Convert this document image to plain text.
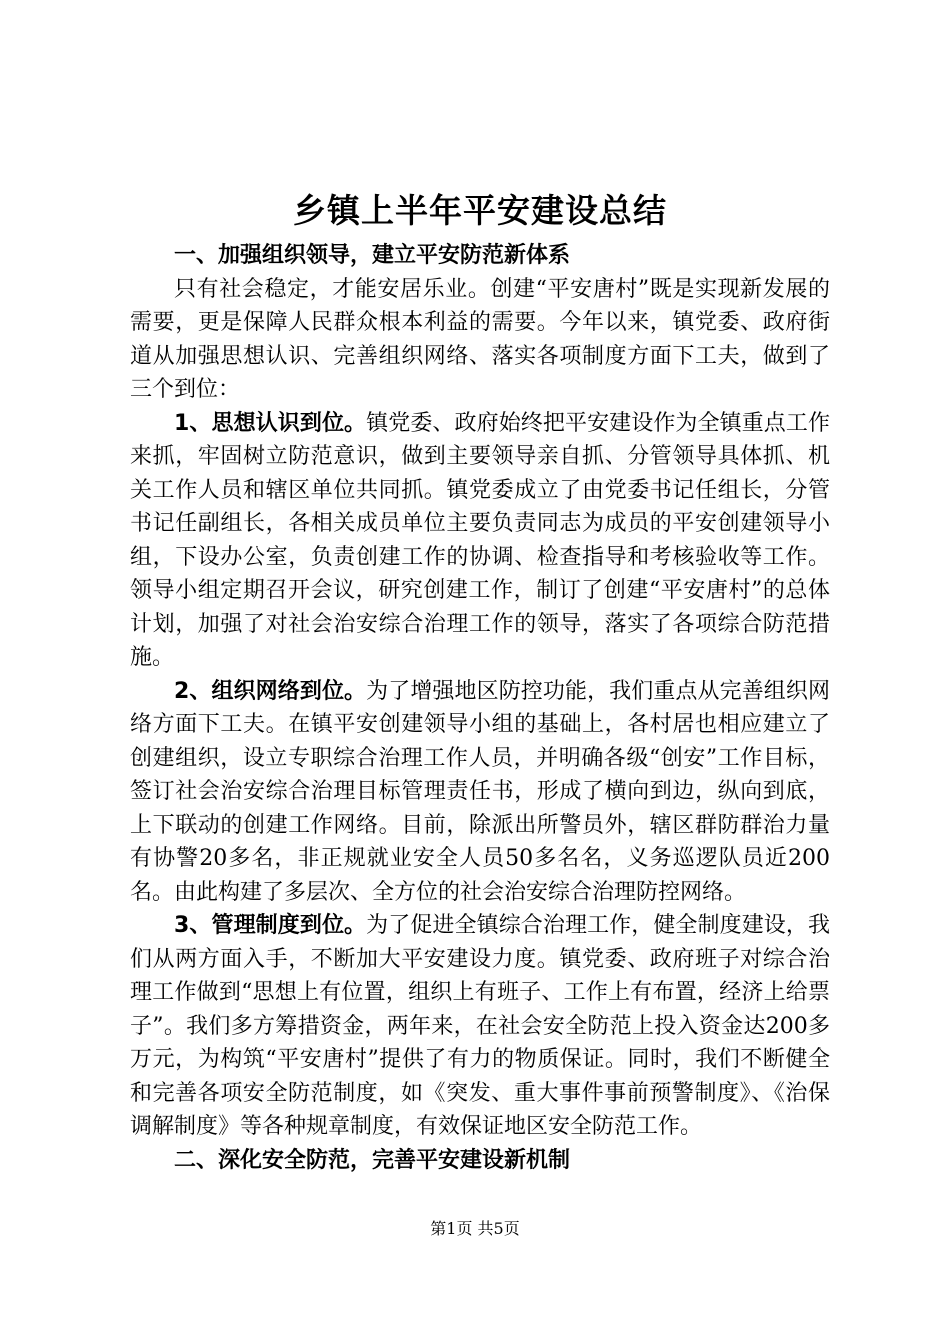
乡镇上半年平安建设总结

一、加强组织领导，建立平安防范新体系

只有社会稳定，才能安居乐业。创建“平安唐村”既是实现新发展的需要，更是保障人民群众根本利益的需要。今年以来，镇党委、政府街道从加强思想认识、完善组织网络、落实各项制度方面下工夫，做到了三个到位：

1、思想认识到位。镇党委、政府始终把平安建设作为全镇重点工作来抓，牢固树立防范意识，做到主要领导亲自抓、分管领导具体抓、机关工作人员和辖区单位共同抓。镇党委成立了由党委书记任组长，分管书记任副组长，各相关成员单位主要负责同志为成员的平安创建领导小组，下设办公室，负责创建工作的协调、检查指导和考核验收等工作。领导小组定期召开会议，研究创建工作，制订了创建“平安唐村”的总体计划，加强了对社会治安综合治理工作的领导，落实了各项综合防范措施。

2、组织网络到位。为了增强地区防控功能，我们重点从完善组织网络方面下工夫。在镇平安创建领导小组的基础上，各村居也相应建立了创建组织，设立专职综合治理工作人员，并明确各级“创安”工作目标，签订社会治安综合治理目标管理责任书，形成了横向到边，纵向到底，上下联动的创建工作网络。目前，除派出所警员外，辖区群防群治力量有协警20多名，非正规就业安全人员50多名名，义务巡逻队员近200名。由此构建了多层次、全方位的社会治安综合治理防控网络。

3、管理制度到位。为了促进全镇综合治理工作，健全制度建设，我们从两方面入手，不断加大平安建设力度。镇党委、政府班子对综合治理工作做到“思想上有位置，组织上有班子、工作上有布置，经济上给票子”。我们多方筹措资金，两年来，在社会安全防范上投入资金达200多万元，为构筑“平安唐村”提供了有力的物质保证。同时，我们不断健全和完善各项安全防范制度，如《突发、重大事件事前预警制度》、《治保调解制度》等各种规章制度，有效保证地区安全防范工作。

二、深化安全防范，完善平安建设新机制

第1页 共5页
